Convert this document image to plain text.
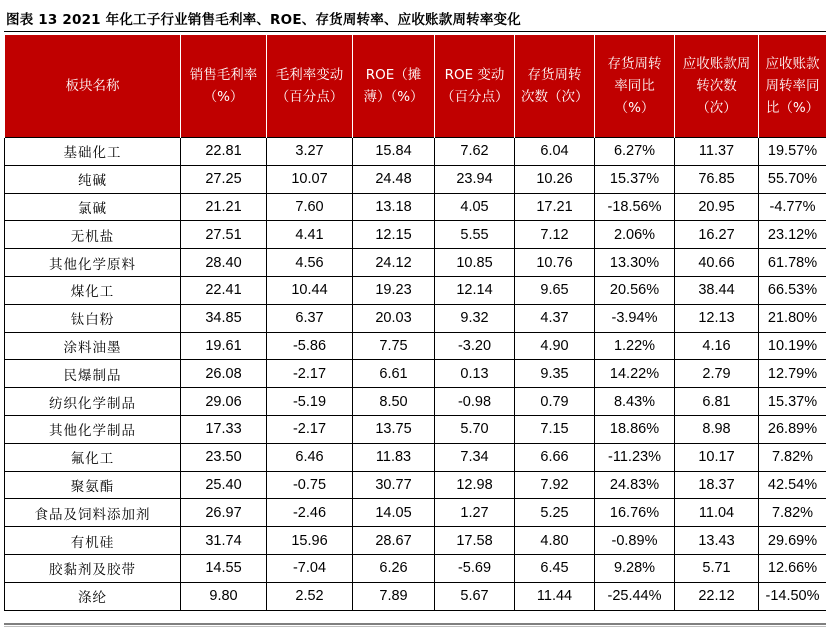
图表 13 2021 年化工子行业销售毛利率、ROE、存货周转率、应收账款周转率变化
板块名称	销售毛利率（%）	毛利率变动（百分点）	ROE（摊薄）（%）	ROE 变动（百分点）	存货周转次数（次）	存货周转率同比（%）	应收账款周转次数（次）	应收账款周转率同比（%）
基础化工	22.81	3.27	15.84	7.62	6.04	6.27%	11.37	19.57%
纯碱	27.25	10.07	24.48	23.94	10.26	15.37%	76.85	55.70%
氯碱	21.21	7.60	13.18	4.05	17.21	-18.56%	20.95	-4.77%
无机盐	27.51	4.41	12.15	5.55	7.12	2.06%	16.27	23.12%
其他化学原料	28.40	4.56	24.12	10.85	10.76	13.30%	40.66	61.78%
煤化工	22.41	10.44	19.23	12.14	9.65	20.56%	38.44	66.53%
钛白粉	34.85	6.37	20.03	9.32	4.37	-3.94%	12.13	21.80%
涂料油墨	19.61	-5.86	7.75	-3.20	4.90	1.22%	4.16	10.19%
民爆制品	26.08	-2.17	6.61	0.13	9.35	14.22%	2.79	12.79%
纺织化学制品	29.06	-5.19	8.50	-0.98	0.79	8.43%	6.81	15.37%
其他化学制品	17.33	-2.17	13.75	5.70	7.15	18.86%	8.98	26.89%
氟化工	23.50	6.46	11.83	7.34	6.66	-11.23%	10.17	7.82%
聚氨酯	25.40	-0.75	30.77	12.98	7.92	24.83%	18.37	42.54%
食品及饲料添加剂	26.97	-2.46	14.05	1.27	5.25	16.76%	11.04	7.82%
有机硅	31.74	15.96	28.67	17.58	4.80	-0.89%	13.43	29.69%
胶黏剂及胶带	14.55	-7.04	6.26	-5.69	6.45	9.28%	5.71	12.66%
涤纶	9.80	2.52	7.89	5.67	11.44	-25.44%	22.12	-14.50%
